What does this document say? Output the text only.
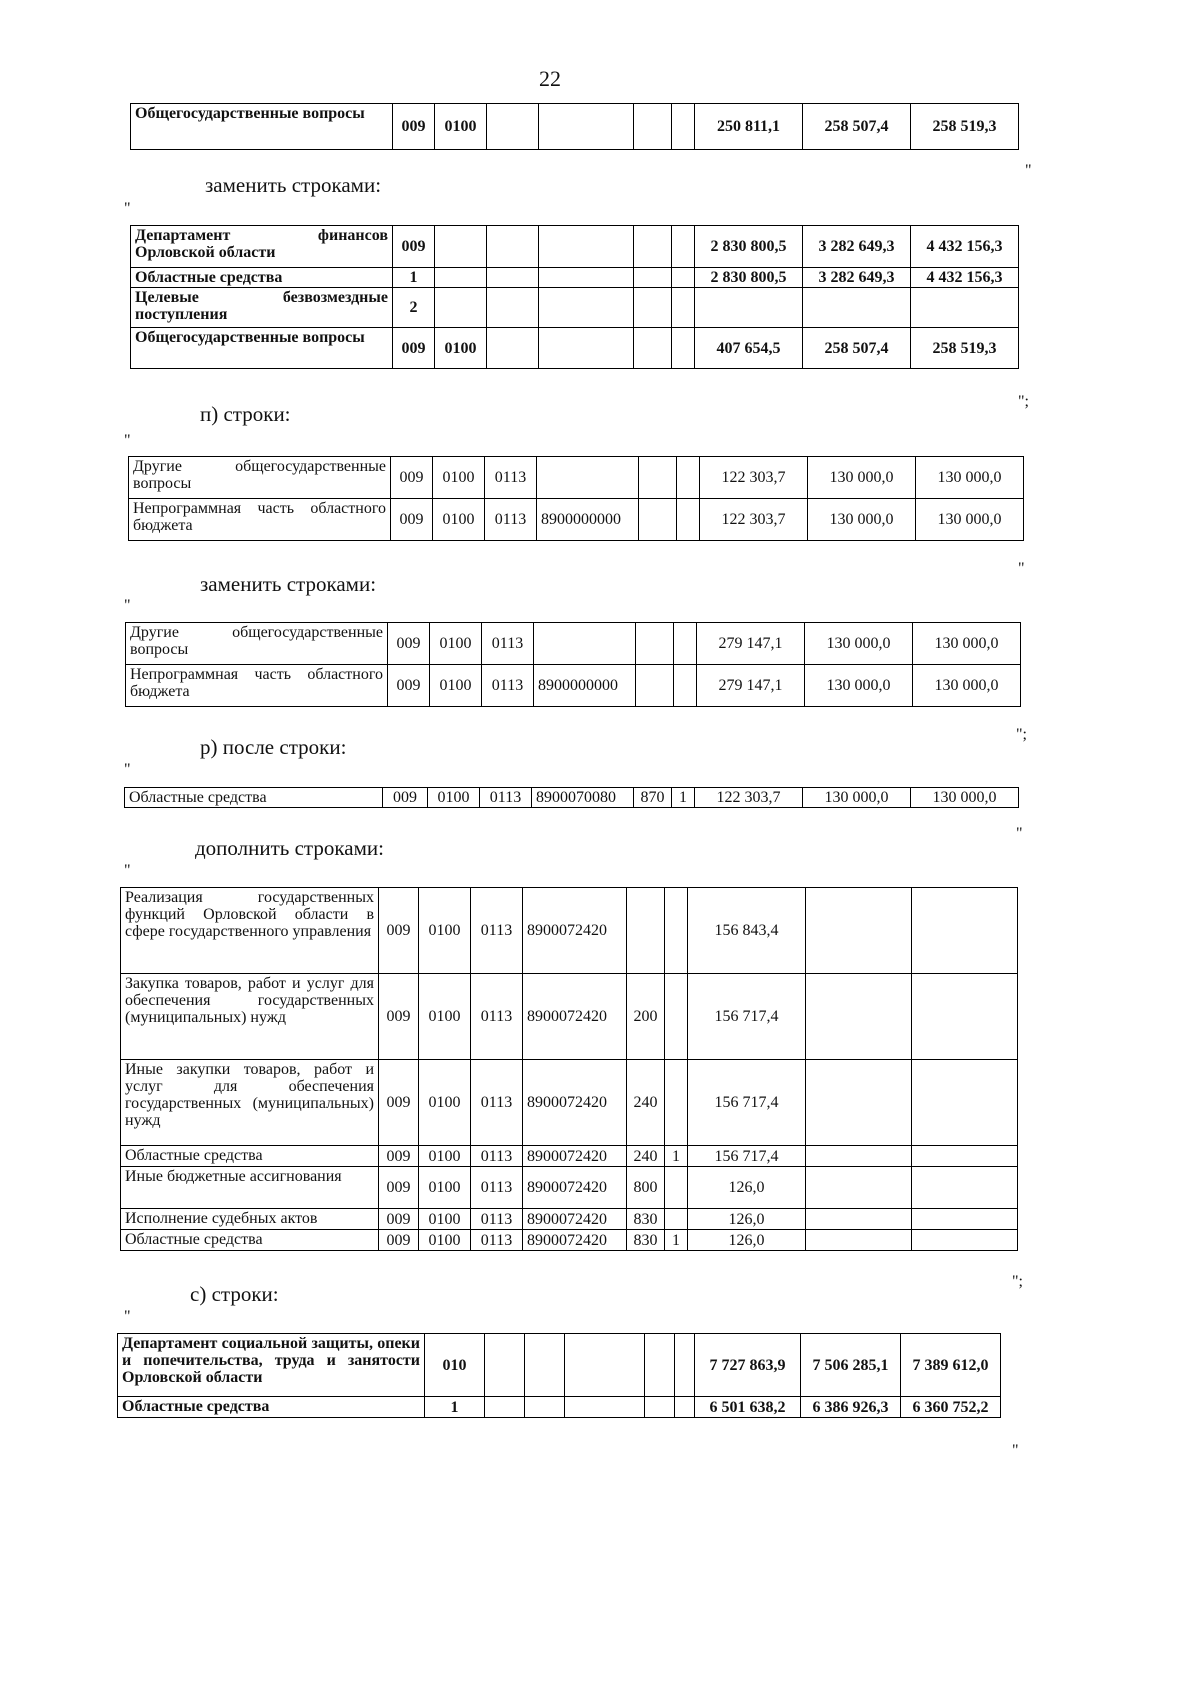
22
Общегосударственные вопросы	009	0100					250 811,1	258 507,4	258 519,3
"
заменить строками:
"
Департамент финансов Орловской области	009						2 830 800,5	3 282 649,3	4 432 156,3
Областные средства	1						2 830 800,5	3 282 649,3	4 432 156,3
Целевые безвозмездные поступления	2								
Общегосударственные вопросы	009	0100					407 654,5	258 507,4	258 519,3
";
п) строки:
"
Другие общегосударственные вопросы	009	0100	0113				122 303,7	130 000,0	130 000,0
Непрограммная часть областного бюджета	009	0100	0113	8900000000			122 303,7	130 000,0	130 000,0
"
заменить строками:
"
Другие общегосударственные вопросы	009	0100	0113				279 147,1	130 000,0	130 000,0
Непрограммная часть областного бюджета	009	0100	0113	8900000000			279 147,1	130 000,0	130 000,0
";
р) после строки:
"
Областные средства	009	0100	0113	8900070080	870	1	122 303,7	130 000,0	130 000,0
"
дополнить строками:
"
Реализация государственных функций Орловской области в сфере государственного управления	009	0100	0113	8900072420			156 843,4		
Закупка товаров, работ и услуг для обеспечения государственных (муниципальных) нужд	009	0100	0113	8900072420	200		156 717,4		
Иные закупки товаров, работ и услуг для обеспечения государственных (муниципальных) нужд	009	0100	0113	8900072420	240		156 717,4		
Областные средства	009	0100	0113	8900072420	240	1	156 717,4		
Иные бюджетные ассигнования	009	0100	0113	8900072420	800		126,0		
Исполнение судебных актов	009	0100	0113	8900072420	830		126,0		
Областные средства	009	0100	0113	8900072420	830	1	126,0		
";
с) строки:
"
Департамент социальной защиты, опеки и попечительства, труда и занятости Орловской области	010						7 727 863,9	7 506 285,1	7 389 612,0
Областные средства	1						6 501 638,2	6 386 926,3	6 360 752,2
"
